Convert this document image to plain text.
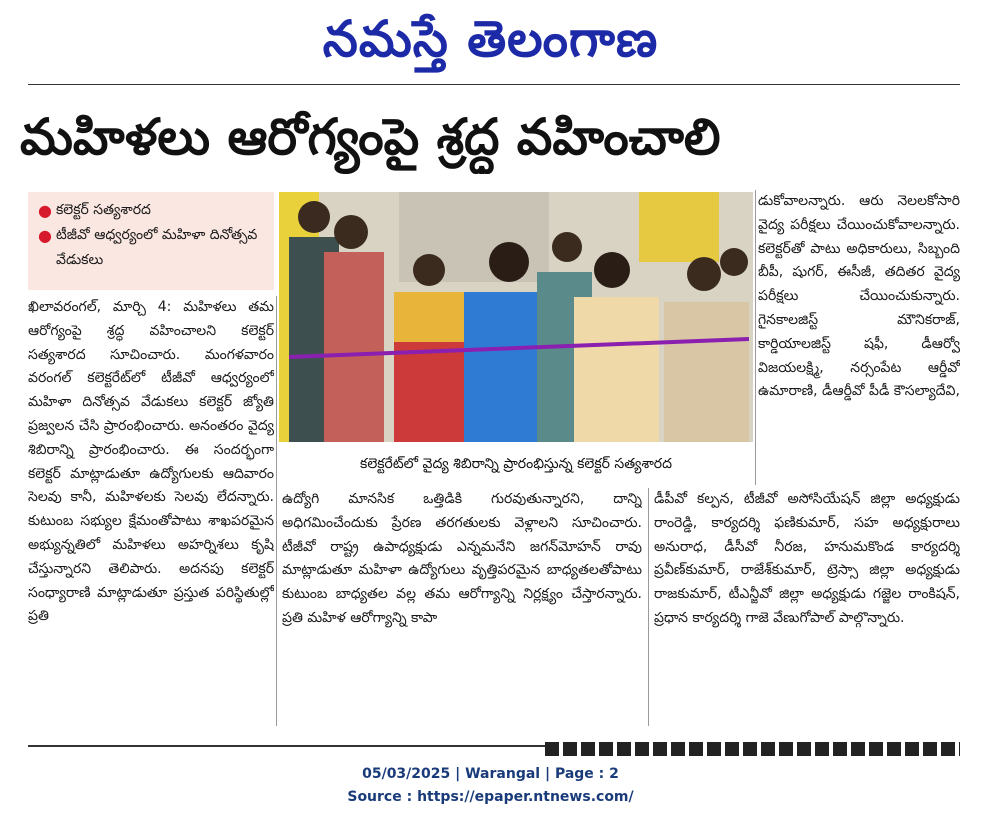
నమస్తే తెలంగాణ
మహిళలు ఆరోగ్యంపై శ్రద్ధ వహించాలి
● కలెక్టర్‌ సత్యశారద
● టీజీవో ఆధ్వర్యంలో మహిళా దినోత్సవ వేడుకలు
ఖిలావరంగల్‌, మార్చి 4: మహిళలు తమ ఆరోగ్యంపై శ్రద్ధ వహించాలని కలెక్టర్‌ సత్యశారద సూచించారు. మంగళవారం వరంగల్‌ కలెక్టరేట్‌లో టీజీవో ఆధ్వర్యంలో మహిళా దినోత్సవ వేడుకలు కలెక్టర్‌ జ్యోతి ప్రజ్వలన చేసి ప్రారంభించారు. అనంతరం వైద్య శిబిరాన్ని ప్రారంభించారు. ఈ సందర్భంగా కలెక్టర్‌ మాట్లాడుతూ ఉద్యోగులకు ఆదివారం సెలవు కానీ, మహిళలకు సెలవు లేదన్నారు. కుటుంబ సభ్యుల క్షేమంతోపాటు శాఖపరమైన అభ్యున్నతిలో మహిళలు అహర్నిశలు కృషి చేస్తున్నారని తెలిపారు. అదనపు కలెక్టర్‌ సంధ్యారాణి మాట్లాడుతూ ప్రస్తుత పరిస్థితుల్లో ప్రతి
కలెక్టరేట్‌లో వైద్య శిబిరాన్ని ప్రారంభిస్తున్న కలెక్టర్‌ సత్యశారద
ఉద్యోగి మానసిక ఒత్తిడికి గురవుతున్నారని, దాన్ని అధిగమించేందుకు ప్రేరణ తరగతులకు వెళ్లాలని సూచించారు. టీజీవో రాష్ట్ర ఉపాధ్యక్షుడు ఎన్నమనేని జగన్‌మోహన్‌ రావు మాట్లాడుతూ మహిళా ఉద్యోగులు వృత్తిపరమైన బాధ్యతలతోపాటు కుటుంబ బాధ్యతల వల్ల తమ ఆరోగ్యాన్ని నిర్లక్ష్యం చేస్తారన్నారు. ప్రతి మహిళ ఆరోగ్యాన్ని కాపా
డుకోవాలన్నారు. ఆరు నెలలకోసారి వైద్య పరీక్షలు చేయించుకోవాలన్నారు. కలెక్టర్‌తో పాటు అధికారులు, సిబ్బంది బీపీ, షుగర్‌, ఈసీజీ, తదితర వైద్య పరీక్షలు చేయించుకున్నారు. గైనకాలజిస్ట్‌ మౌనికరాజ్‌, కార్డియాలజిస్ట్‌ షఫీ, డీఆర్వో విజయలక్ష్మి, నర్సంపేట ఆర్డీవో ఉమారాణి, డీఆర్డీవో పీడీ కౌసల్యాదేవి,
డీపీవో కల్పన, టీజీవో అసోసియేషన్‌ జిల్లా అధ్యక్షుడు రాంరెడ్డి, కార్యదర్శి ఫణికుమార్‌, సహ అధ్యక్షురాలు అనురాధ, డీసీవో నీరజ, హనుమకొండ కార్యదర్శి ప్రవీణ్‌కుమార్‌, రాజేశ్‌కుమార్‌, ట్రెస్సా జిల్లా అధ్యక్షుడు రాజకుమార్‌, టీఎన్జీవో జిల్లా అధ్యక్షుడు గజ్జెల రాంకిషన్‌, ప్రధాన కార్యదర్శి గాజె వేణుగోపాల్‌ పాల్గొన్నారు.
05/03/2025 | Warangal | Page : 2
Source : https://epaper.ntnews.com/
